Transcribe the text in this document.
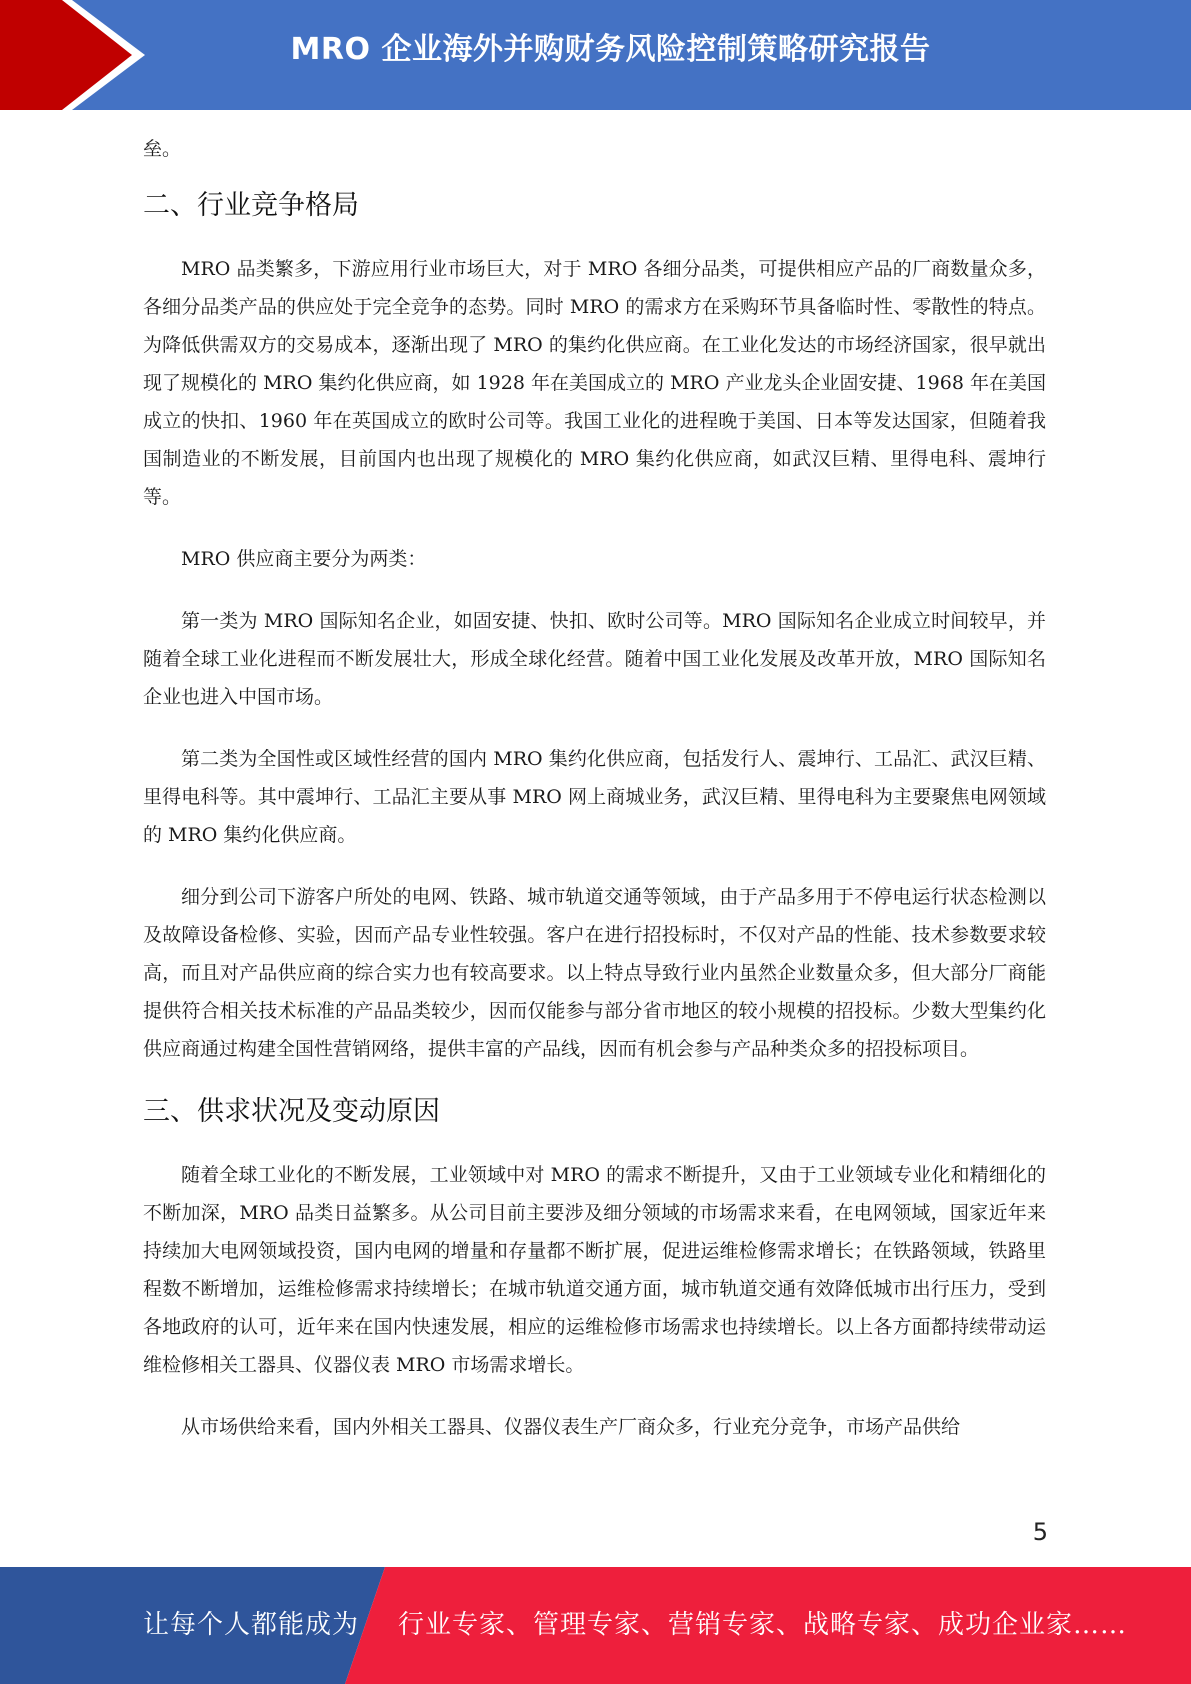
MRO 企业海外并购财务风险控制策略研究报告

垒。

二、行业竞争格局

MRO 品类繁多，下游应用行业市场巨大，对于 MRO 各细分品类，可提供相应产品的厂商数量众多，各细分品类产品的供应处于完全竞争的态势。同时 MRO 的需求方在采购环节具备临时性、零散性的特点。为降低供需双方的交易成本，逐渐出现了 MRO 的集约化供应商。在工业化发达的市场经济国家，很早就出现了规模化的 MRO 集约化供应商，如 1928 年在美国成立的 MRO 产业龙头企业固安捷、1968 年在美国成立的快扣、1960 年在英国成立的欧时公司等。我国工业化的进程晚于美国、日本等发达国家，但随着我国制造业的不断发展，目前国内也出现了规模化的 MRO 集约化供应商，如武汉巨精、里得电科、震坤行等。

MRO 供应商主要分为两类：

第一类为 MRO 国际知名企业，如固安捷、快扣、欧时公司等。MRO 国际知名企业成立时间较早，并随着全球工业化进程而不断发展壮大，形成全球化经营。随着中国工业化发展及改革开放，MRO 国际知名企业也进入中国市场。

第二类为全国性或区域性经营的国内 MRO 集约化供应商，包括发行人、震坤行、工品汇、武汉巨精、里得电科等。其中震坤行、工品汇主要从事 MRO 网上商城业务，武汉巨精、里得电科为主要聚焦电网领域的 MRO 集约化供应商。

细分到公司下游客户所处的电网、铁路、城市轨道交通等领域，由于产品多用于不停电运行状态检测以及故障设备检修、实验，因而产品专业性较强。客户在进行招投标时，不仅对产品的性能、技术参数要求较高，而且对产品供应商的综合实力也有较高要求。以上特点导致行业内虽然企业数量众多，但大部分厂商能提供符合相关技术标准的产品品类较少，因而仅能参与部分省市地区的较小规模的招投标。少数大型集约化供应商通过构建全国性营销网络，提供丰富的产品线，因而有机会参与产品种类众多的招投标项目。

三、供求状况及变动原因

随着全球工业化的不断发展，工业领域中对 MRO 的需求不断提升，又由于工业领域专业化和精细化的不断加深，MRO 品类日益繁多。从公司目前主要涉及细分领域的市场需求来看，在电网领域，国家近年来持续加大电网领域投资，国内电网的增量和存量都不断扩展，促进运维检修需求增长；在铁路领域，铁路里程数不断增加，运维检修需求持续增长；在城市轨道交通方面，城市轨道交通有效降低城市出行压力，受到各地政府的认可，近年来在国内快速发展，相应的运维检修市场需求也持续增长。以上各方面都持续带动运维检修相关工器具、仪器仪表 MRO 市场需求增长。

从市场供给来看，国内外相关工器具、仪器仪表生产厂商众多，行业充分竞争，市场产品供给

5
让每个人都能成为 行业专家、管理专家、营销专家、战略专家、成功企业家……
